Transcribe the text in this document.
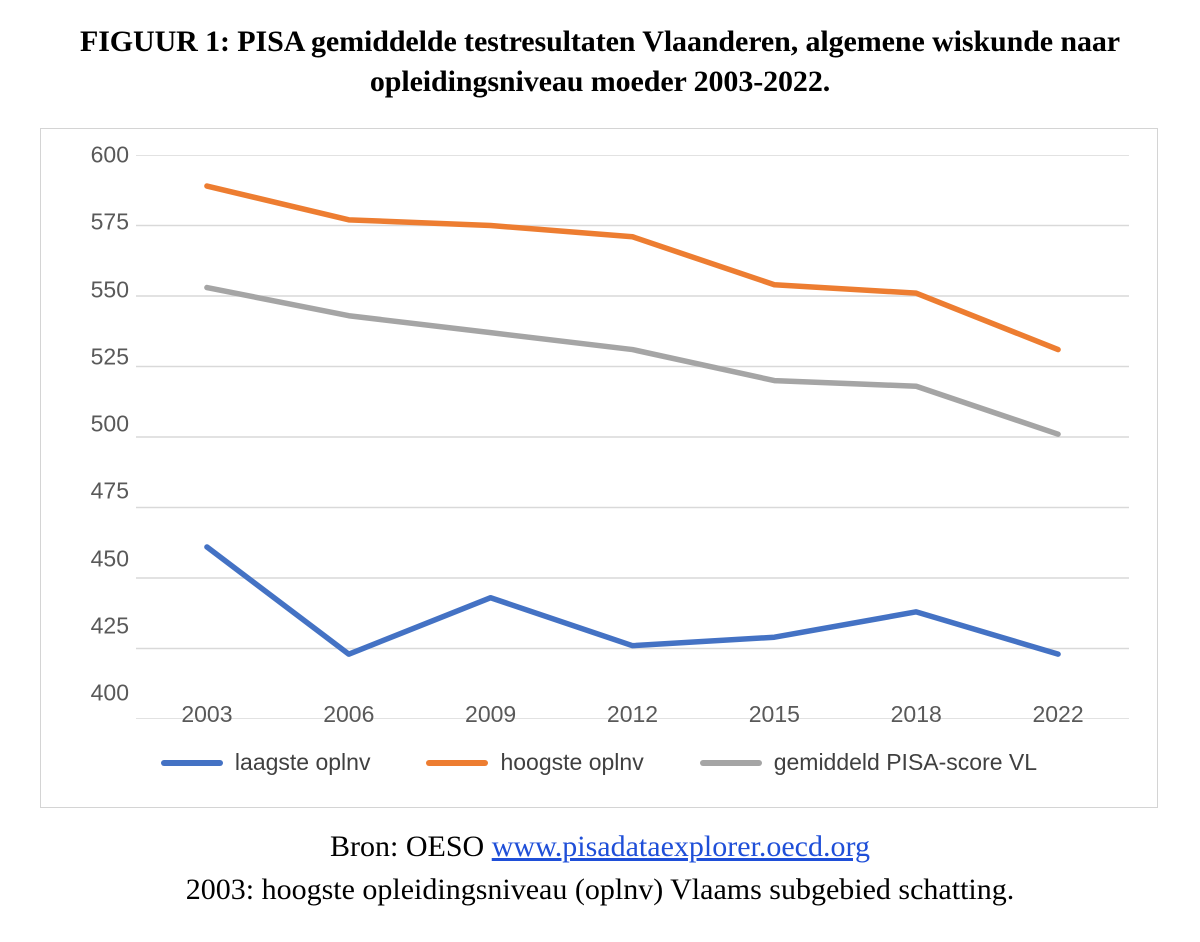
FIGUUR 1: PISA gemiddelde testresultaten Vlaanderen, algemene wiskunde naar opleidingsniveau moeder 2003-2022.
400
425
450
475
500
525
550
575
600
2003	2006	2009	2012	2015	2018	2022
laagste oplnv	hoogste oplnv	gemiddeld PISA-score VL
Bron: OESO www.pisadataexplorer.oecd.org
2003: hoogste opleidingsniveau (oplnv) Vlaams subgebied schatting.
